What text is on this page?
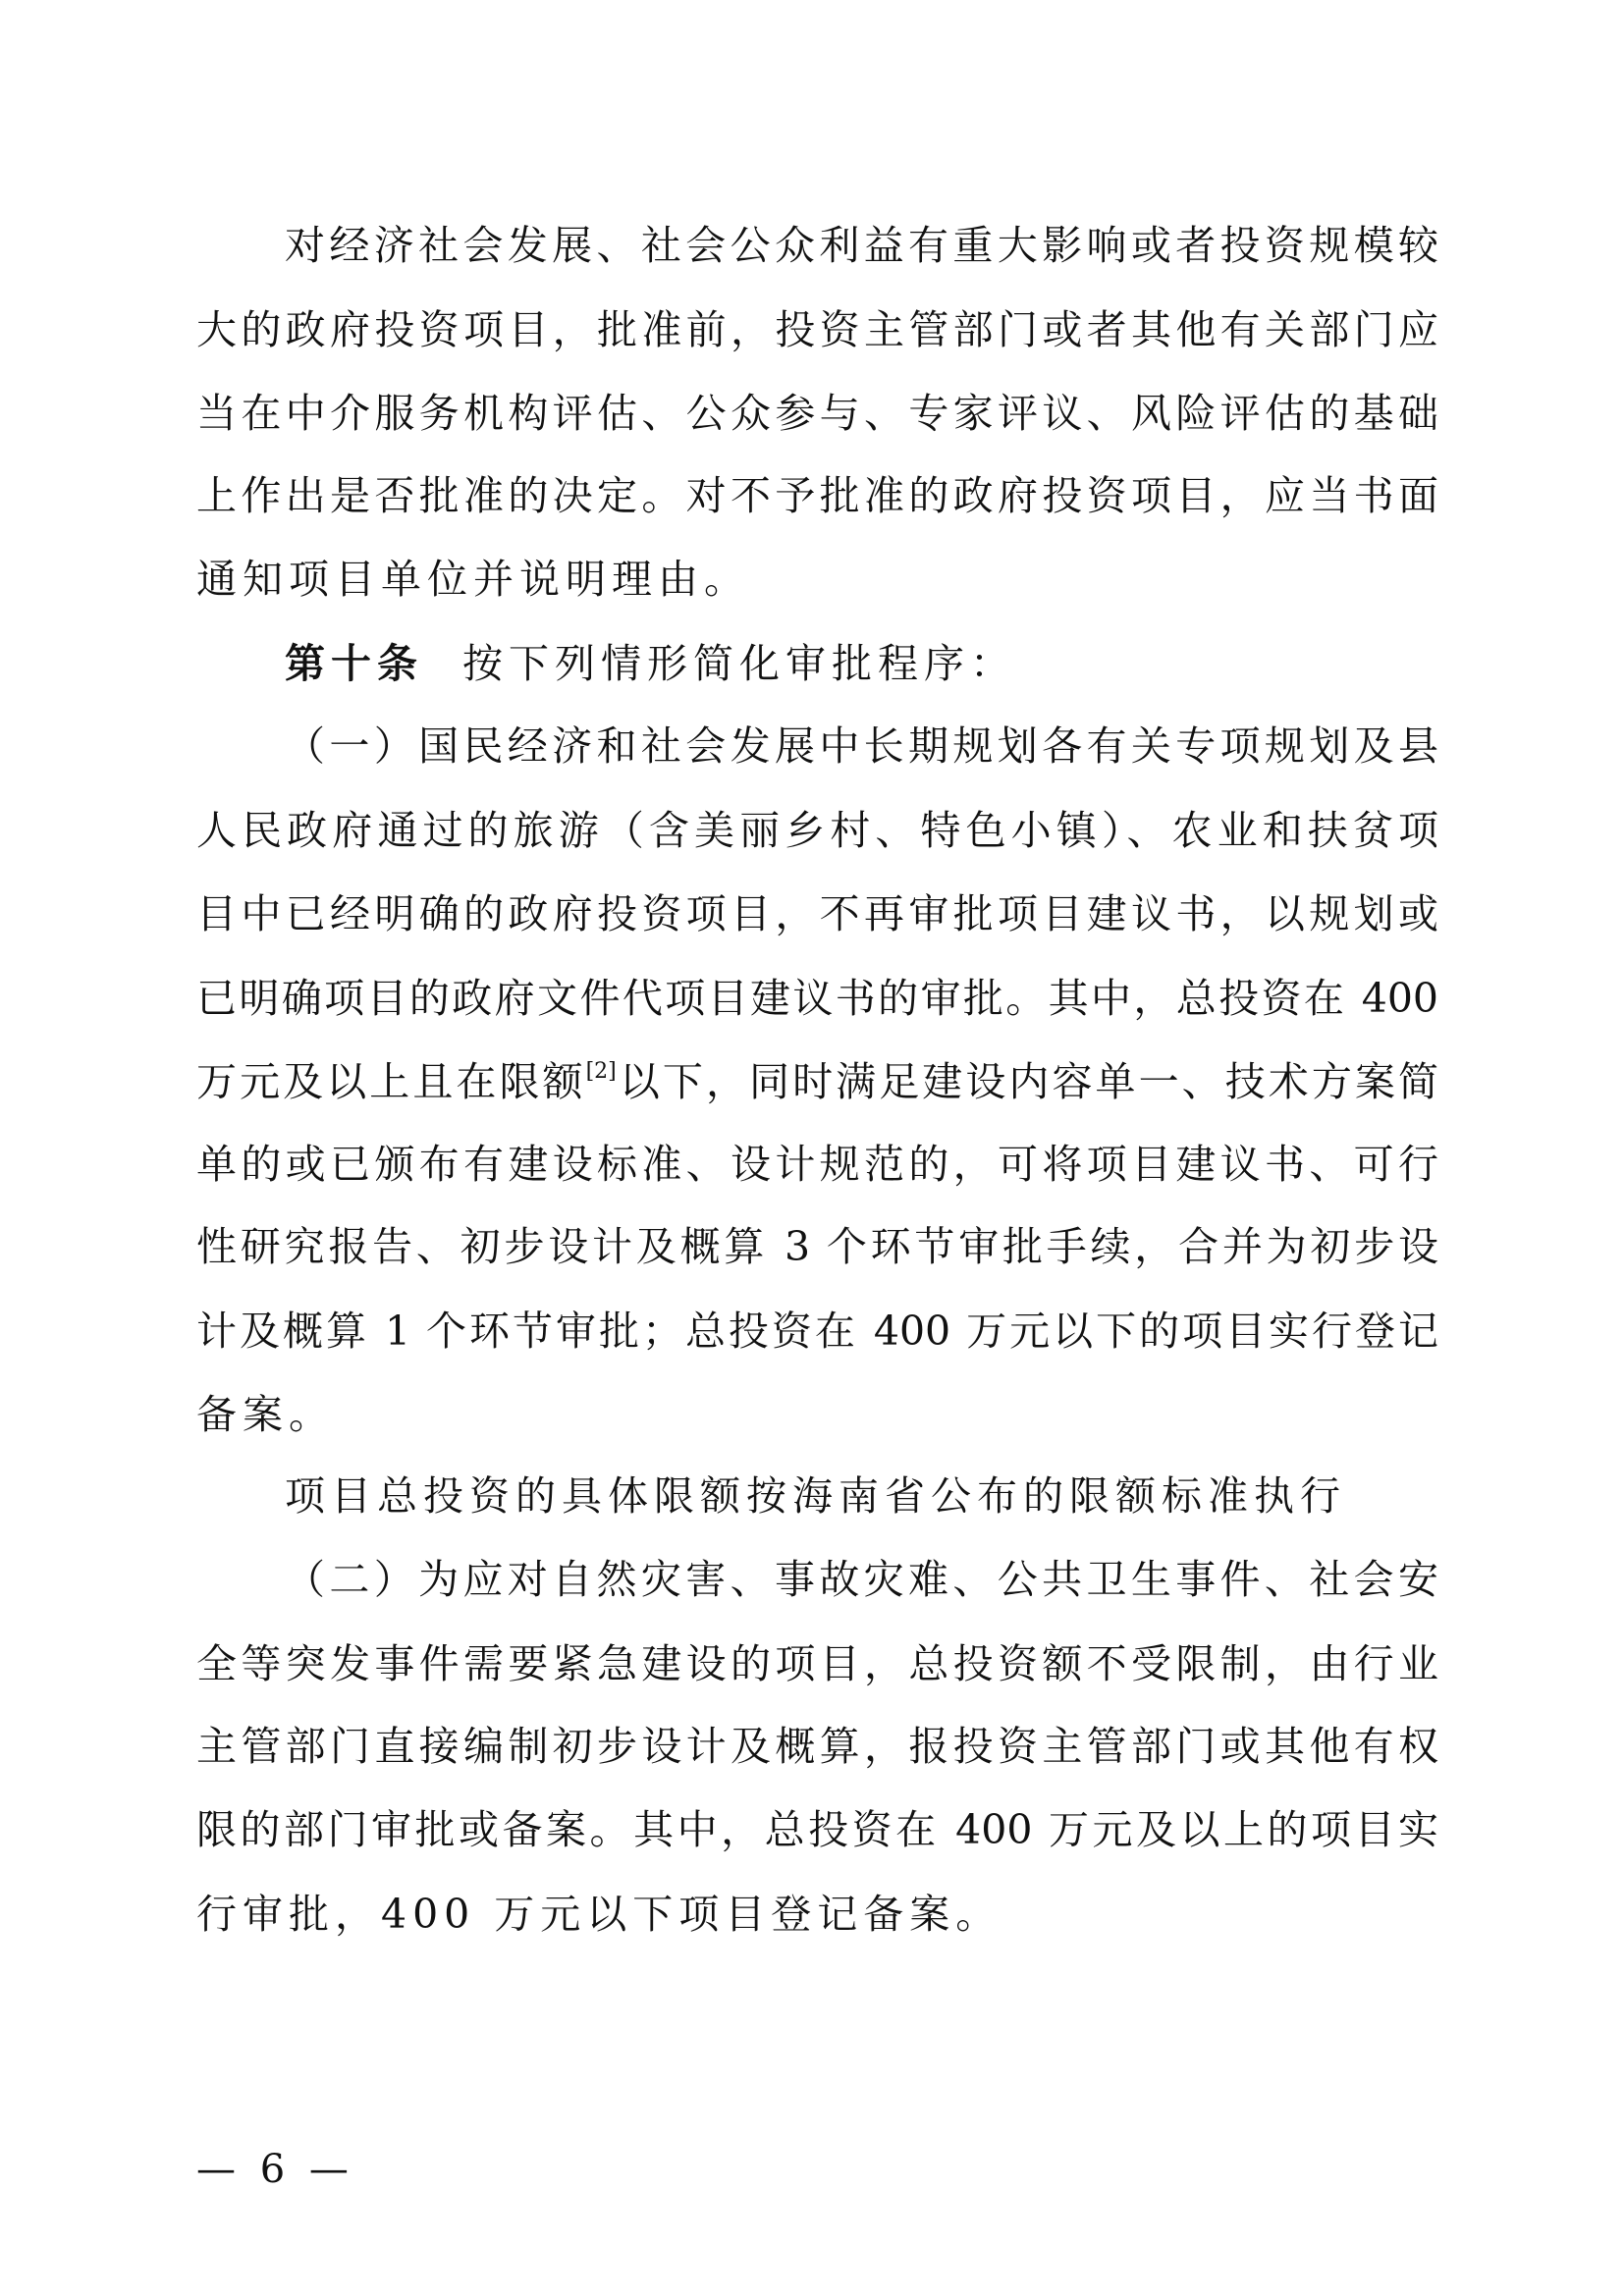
对经济社会发展、社会公众利益有重大影响或者投资规模较
大的政府投资项目，批准前，投资主管部门或者其他有关部门应
当在中介服务机构评估、公众参与、专家评议、风险评估的基础
上作出是否批准的决定。对不予批准的政府投资项目，应当书面
通知项目单位并说明理由。
第十条 按下列情形简化审批程序：
（一）国民经济和社会发展中长期规划各有关专项规划及县
人民政府通过的旅游（含美丽乡村、特色小镇）、农业和扶贫项
目中已经明确的政府投资项目，不再审批项目建议书，以规划或
已明确项目的政府文件代项目建议书的审批。其中，总投资在 400
万元及以上且在限额[2]以下，同时满足建设内容单一、技术方案简
单的或已颁布有建设标准、设计规范的，可将项目建议书、可行
性研究报告、初步设计及概算 3 个环节审批手续，合并为初步设
计及概算 1 个环节审批；总投资在 400 万元以下的项目实行登记
备案。
项目总投资的具体限额按海南省公布的限额标准执行
（二）为应对自然灾害、事故灾难、公共卫生事件、社会安
全等突发事件需要紧急建设的项目，总投资额不受限制，由行业
主管部门直接编制初步设计及概算，报投资主管部门或其他有权
限的部门审批或备案。其中，总投资在 400 万元及以上的项目实
行审批，400 万元以下项目登记备案。
— 6 —
